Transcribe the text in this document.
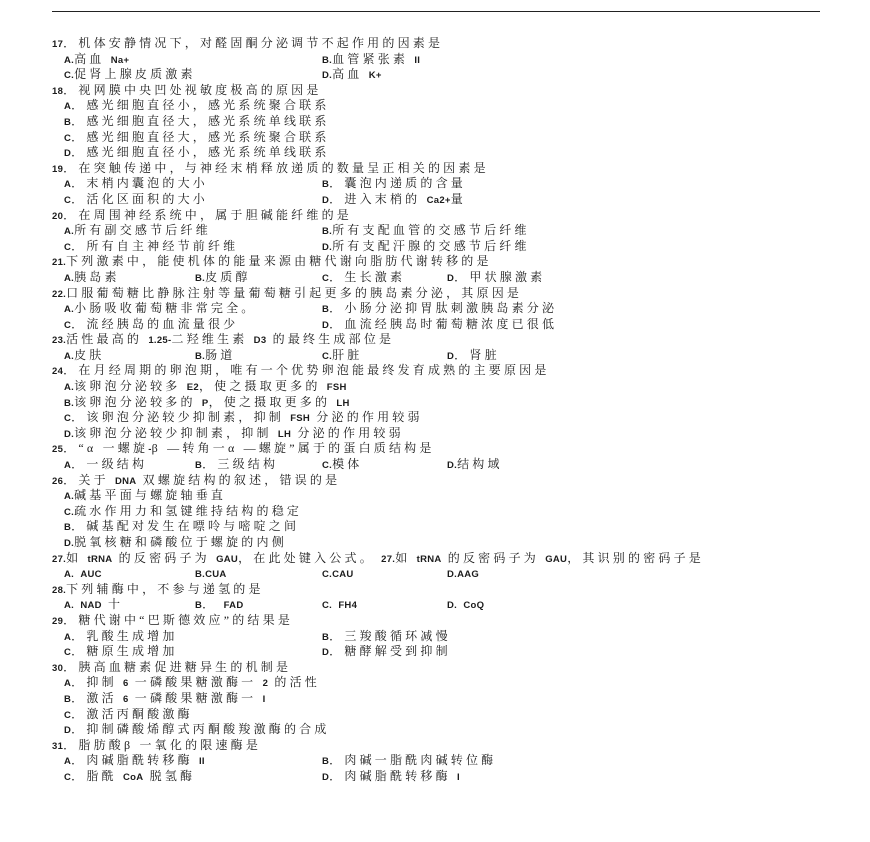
17．机体安静情况下，对醛固酮分泌调节不起作用的因素是
A.高血 Na+	B.血管紧张素 II
C.促肾上腺皮质激素	D.高血 K+
18．视网膜中央凹处视敏度极高的原因是
A．感光细胞直径小，感光系统聚合联系
B．感光细胞直径大，感光系统单线联系
C．感光细胞直径大，感光系统聚合联系
D．感光细胞直径小，感光系统单线联系
19．在突触传递中，与神经末梢释放递质的数量呈正相关的因素是
A．末梢内囊泡的大小	B．囊泡内递质的含量
C．活化区面积的大小	D．进入末梢的 Ca2+量
20．在周围神经系统中，属于胆碱能纤维的是
A.所有副交感节后纤维	B.所有支配血管的交感节后纤维
C．所有自主神经节前纤维	D.所有支配汗腺的交感节后纤维
21.下列激素中，能使机体的能量来源由糖代谢向脂肪代谢转移的是
A.胰岛素	B.皮质醇	C．生长激素	D．甲状腺激素
22.口服葡萄糖比静脉注射等量葡萄糖引起更多的胰岛素分泌，其原因是
A.小肠吸收葡萄糖非常完全。	B．小肠分泌抑胃肽刺激胰岛素分泌
C．流经胰岛的血流量很少	D．血流经胰岛时葡萄糖浓度已很低
23.活性最高的 1.25-二羟维生素 D3 的最终生成部位是
A.皮肤	B.肠道	C.肝脏	D．肾脏
24．在月经周期的卵泡期，唯有一个优势卵泡能最终发育成熟的主要原因是
A.该卵泡分泌较多 E2，使之摄取更多的 FSH
B.该卵泡分泌较多的 P，使之摄取更多的 LH
C．该卵泡分泌较少抑制素，抑制 FSH 分泌的作用较弱
D.该卵泡分泌较少抑制素，抑制 LH 分泌的作用较弱
25．“α 一螺旋-β —转角一α —螺旋”属于的蛋白质结构是
A．一级结构	B．三级结构	C.模体	D.结构域
26．关于 DNA 双螺旋结构的叙述，错误的是
A.碱基平面与螺旋轴垂直
C.疏水作用力和氢键维持结构的稳定
B．碱基配对发生在嘌呤与嘧啶之间
D.脱氧核糖和磷酸位于螺旋的内侧
27.如 tRNA 的反密码子为 GAU，在此处键入公式。 27.如 tRNA 的反密码子为 GAU，其识别的密码子是
A. AUC	B.CUA	C.CAU	D.AAG
28.下列辅酶中，不参与递氢的是
A. NAD 十	B． FAD	C. FH4	D. CoQ
29．糖代谢中“巴斯德效应”的结果是
A．乳酸生成增加	B．三羧酸循环减慢
C．糖原生成增加	D．糖酵解受到抑制
30．胰高血糖素促进糖异生的机制是
A．抑制 6 一磷酸果糖激酶一 2 的活性
B．激活 6 一磷酸果糖激酶一 I
C．激活丙酮酸激酶
D．抑制磷酸烯醇式丙酮酸羧激酶的合成
31．脂肪酸β 一氧化的限速酶是
A．肉碱脂酰转移酶 II	B．肉碱一脂酰肉碱转位酶
C．脂酰 CoA 脱氢酶	D．肉碱脂酰转移酶 I
